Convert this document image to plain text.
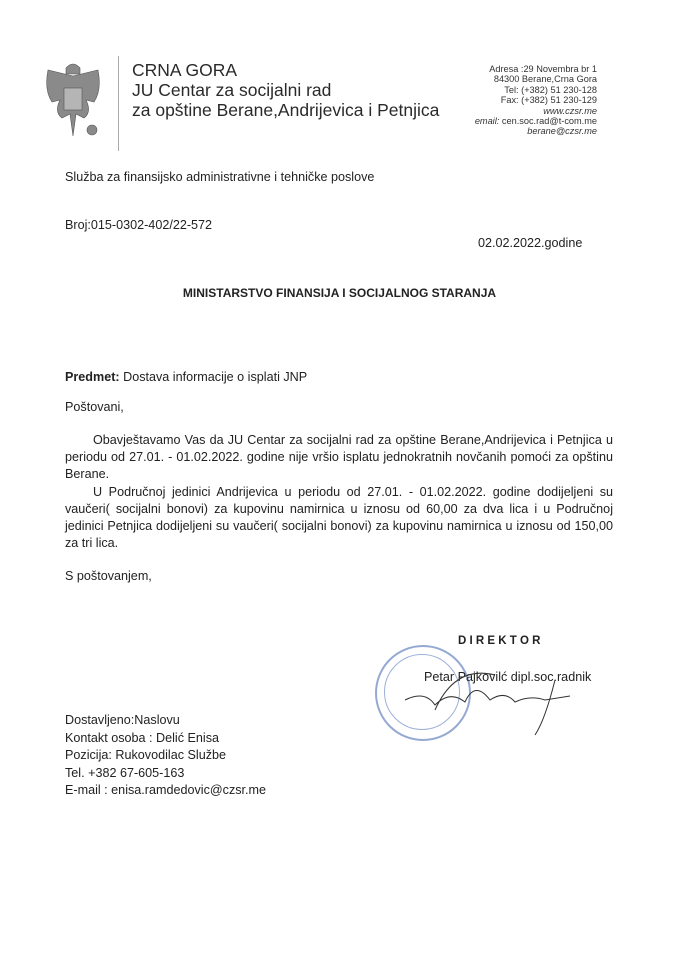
CRNA GORA
JU Centar za socijalni rad
za opštine Berane,Andrijevica i Petnjica
Adresa :29 Novembra br 1
84300 Berane,Crna Gora
Tel: (+382) 51 230-128
Fax: (+382) 51 230-129
www.czsr.me
email: cen.soc.rad@t-com.me
berane@czsr.me
Služba za finansijsko administrativne i tehničke poslove
Broj:015-0302-402/22-572
02.02.2022.godine
MINISTARSTVO FINANSIJA I SOCIJALNOG STARANJA
Predmet: Dostava informacije o isplati JNP
Poštovani,
Obavještavamo Vas da JU Centar za socijalni rad za opštine Berane,Andrijevica i Petnjica u periodu od 27.01. - 01.02.2022. godine nije vršio isplatu jednokratnih novčanih pomoći za opštinu Berane.
U Područnoj jedinici Andrijevica u periodu od 27.01. - 01.02.2022. godine dodijeljeni su vaučeri( socijalni bonovi) za kupovinu namirnica u iznosu od 60,00 za dva lica i u Područnoj jedinici Petnjica dodijeljeni su vaučeri( socijalni bonovi) za kupovinu namirnica u iznosu od 150,00 za tri lica.
S poštovanjem,
D I R E K T O R
Petar Pajkovilć dipl.soc.radnik
Dostavljeno:Naslovu
Kontakt osoba : Delić Enisa
Pozicija: Rukovodilac Službe
Tel. +382 67-605-163
E-mail : enisa.ramdedovic@czsr.me
